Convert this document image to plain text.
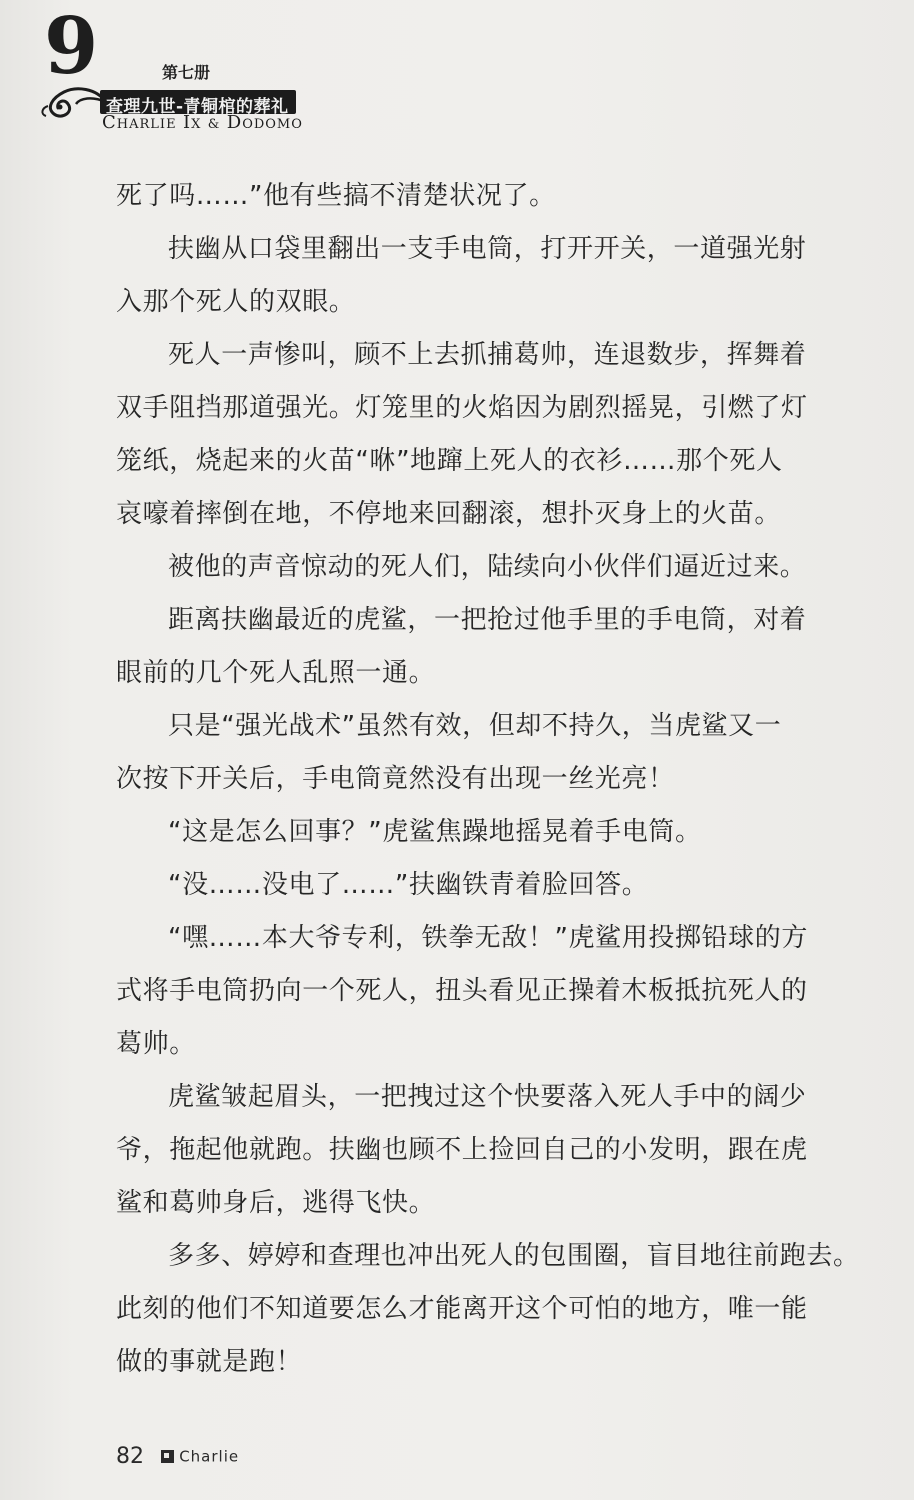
9	第七册
查理九世-青铜棺的葬礼
CHARLIE IX & DODOMO
死了吗……”他有些搞不清楚状况了。
扶幽从口袋里翻出一支手电筒，打开开关，一道强光射
入那个死人的双眼。
死人一声惨叫，顾不上去抓捕葛帅，连退数步，挥舞着
双手阻挡那道强光。灯笼里的火焰因为剧烈摇晃，引燃了灯
笼纸，烧起来的火苗“咻”地蹿上死人的衣衫……那个死人
哀嚎着摔倒在地，不停地来回翻滚，想扑灭身上的火苗。
被他的声音惊动的死人们，陆续向小伙伴们逼近过来。
距离扶幽最近的虎鲨，一把抢过他手里的手电筒，对着
眼前的几个死人乱照一通。
只是“强光战术”虽然有效，但却不持久，当虎鲨又一
次按下开关后，手电筒竟然没有出现一丝光亮！
“这是怎么回事？”虎鲨焦躁地摇晃着手电筒。
“没……没电了……”扶幽铁青着脸回答。
“嘿……本大爷专利，铁拳无敌！”虎鲨用投掷铅球的方
式将手电筒扔向一个死人，扭头看见正操着木板抵抗死人的
葛帅。
虎鲨皱起眉头，一把拽过这个快要落入死人手中的阔少
爷，拖起他就跑。扶幽也顾不上捡回自己的小发明，跟在虎
鲨和葛帅身后，逃得飞快。
多多、婷婷和查理也冲出死人的包围圈，盲目地往前跑去。
此刻的他们不知道要怎么才能离开这个可怕的地方，唯一能
做的事就是跑！
82 Charlie
